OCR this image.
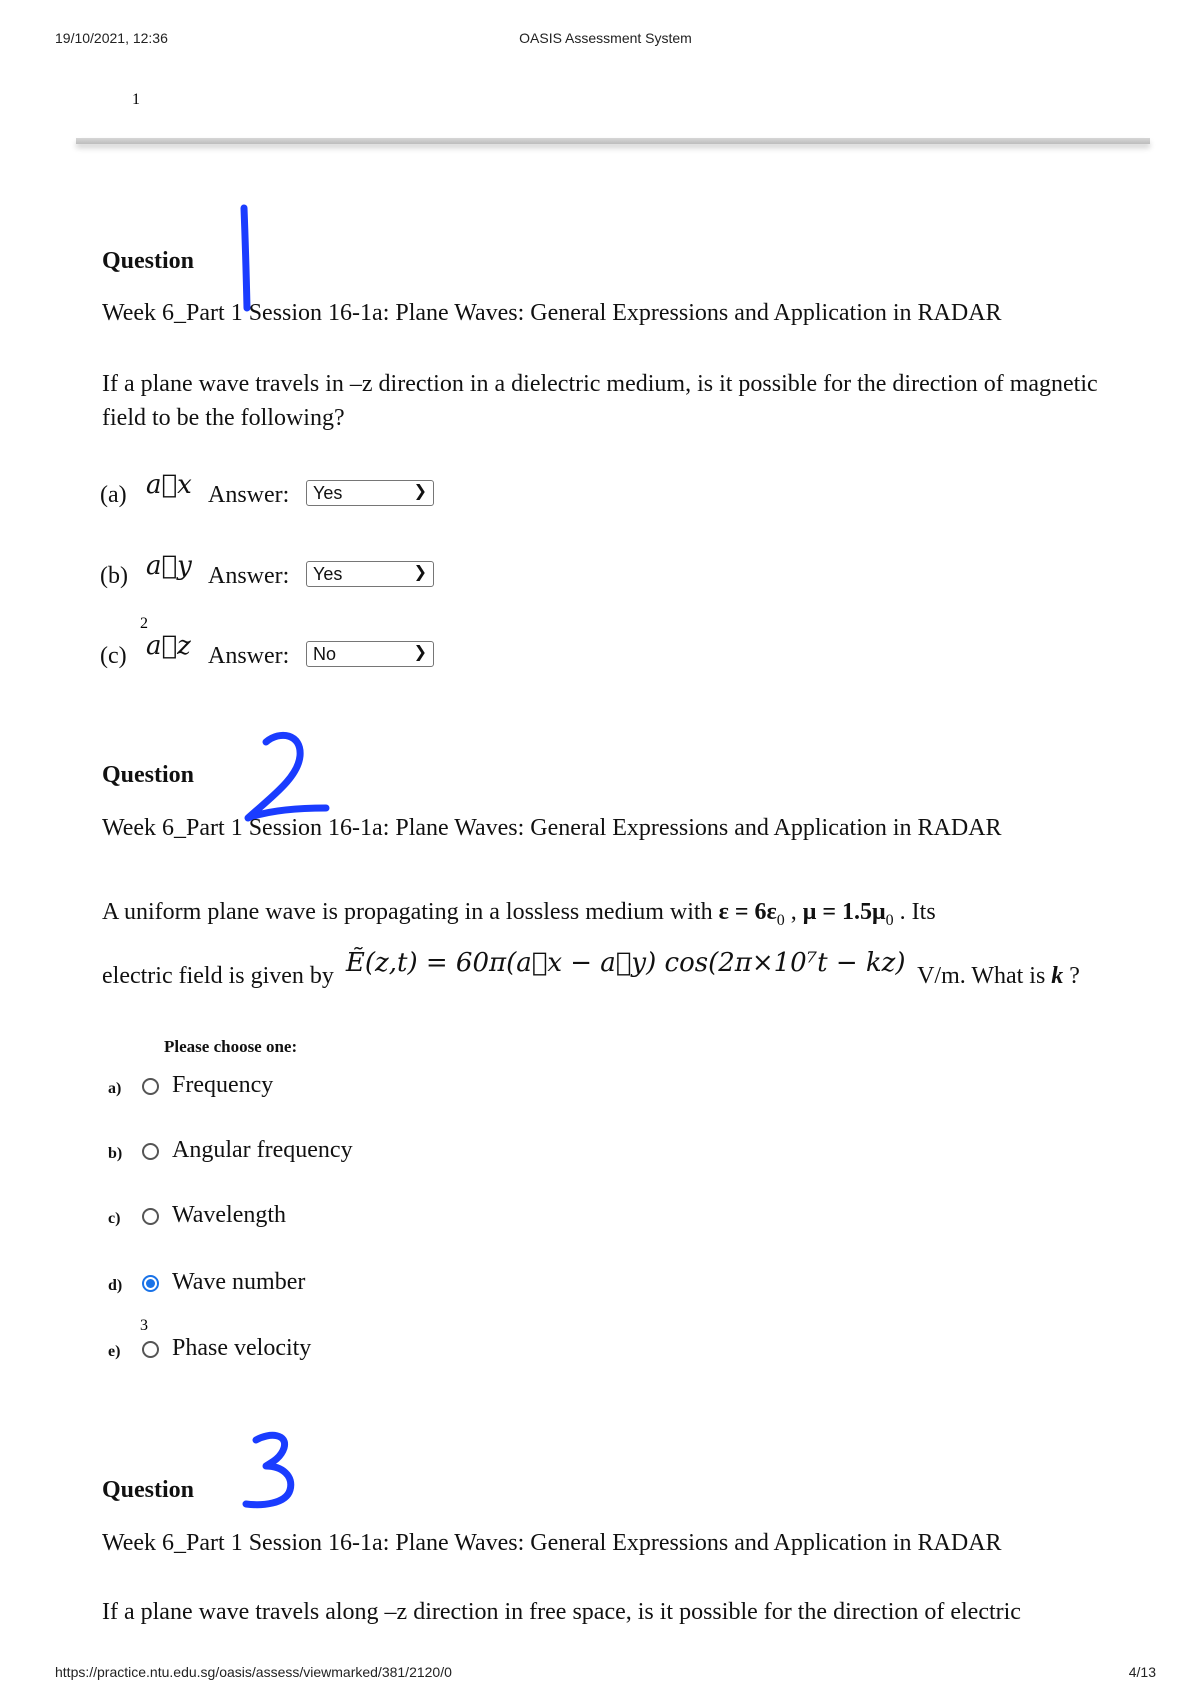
19/10/2021, 12:36	OASIS Assessment System
Question
1
Week 6_Part 1 Session 16-1a: Plane Waves: General Expressions and Application in RADAR
If a plane wave travels in –z direction in a dielectric medium, is it possible for the direction of magnetic field to be the following?
(a) a⃗x Answer:	Yes	❯
(b) a⃗y Answer:	Yes	❯
(c) a⃗z Answer:	No	❯
Question
2
Week 6_Part 1 Session 16-1a: Plane Waves: General Expressions and Application in RADAR
A uniform plane wave is propagating in a lossless medium with $\varepsilon = 6\varepsilon_0$ , $\mu = 1.5\mu_0$ . Its
electric field is given by Ẽ(z,t) = 60π(a⃗x − a⃗y) cos(2π×10⁷t − kz) V/m. What is k ?
Please choose one:
a) Frequency
b) Angular frequency
c) Wavelength
d) Wave number
e) Phase velocity
Question
3
Week 6_Part 1 Session 16-1a: Plane Waves: General Expressions and Application in RADAR
If a plane wave travels along –z direction in free space, is it possible for the direction of electric
https://practice.ntu.edu.sg/oasis/assess/viewmarked/381/2120/0	4/13
